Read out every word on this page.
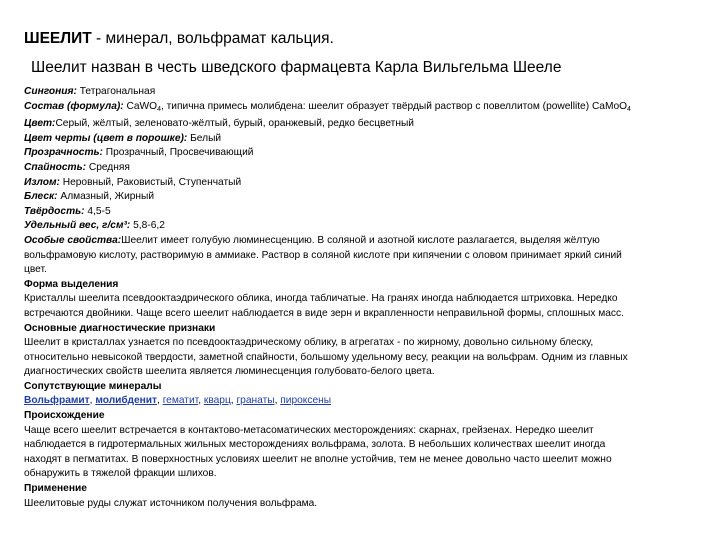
ШЕЕЛИТ - минерал, вольфрамат кальция.
Шеелит назван в честь шведского фармацевта Карла Вильгельма Шееле
Сингония: Тетрагональная
Состав (формула): CaWO$_4$, типична примесь молибдена: шеелит образует твёрдый раствор с повеллитом (powellite) CaMoO$_4$
Цвет:Серый, жёлтый, зеленовато-жёлтый, бурый, оранжевый, редко бесцветный
Цвет черты (цвет в порошке): Белый
Прозрачность: Прозрачный, Просвечивающий
Спайность: Средняя
Излом: Неровный, Раковистый, Ступенчатый
Блеск: Алмазный, Жирный
Твёрдость: 4,5-5
Удельный вес, г/см³: 5,8-6,2
Особые свойства:Шеелит имеет голубую люминесценцию. В соляной и азотной кислоте разлагается, выделяя жёлтую
вольфрамовую кислоту, растворимую в аммиаке. Раствор в соляной кислоте при кипячении с оловом принимает яркий синий
цвет.
Форма выделения
Кристаллы шеелита псевдооктаэдрического облика, иногда табличатые. На гранях иногда наблюдается штриховка. Нередко
встречаются двойники. Чаще всего шеелит наблюдается в виде зерн и вкрапленности неправильной формы, сплошных масс.
Основные диагностические признаки
Шеелит в кристаллах узнается по псевдооктаэдрическому облику, в агрегатах - по жирному, довольно сильному блеску,
относительно невысокой твердости, заметной спайности, большому удельному весу, реакции на вольфрам. Одним из главных
диагностических свойств шеелита является люминесценция голубовато-белого цвета.
Сопутствующие минералы
Вольфрамит, молибденит, гематит, кварц, гранаты, пироксены
Происхождение
Чаще всего шеелит встречается в контактово-метасоматических месторождениях: скарнах, грейзенах. Нередко шеелит
наблюдается в гидротермальных жильных месторождениях вольфрама, золота. В небольших количествах шеелит иногда
находят в пегматитах. В поверхностных условиях шеелит не вполне устойчив, тем не менее довольно часто шеелит можно
обнаружить в тяжелой фракции шлихов.
Применение
Шеелитовые руды служат источником получения вольфрама.
